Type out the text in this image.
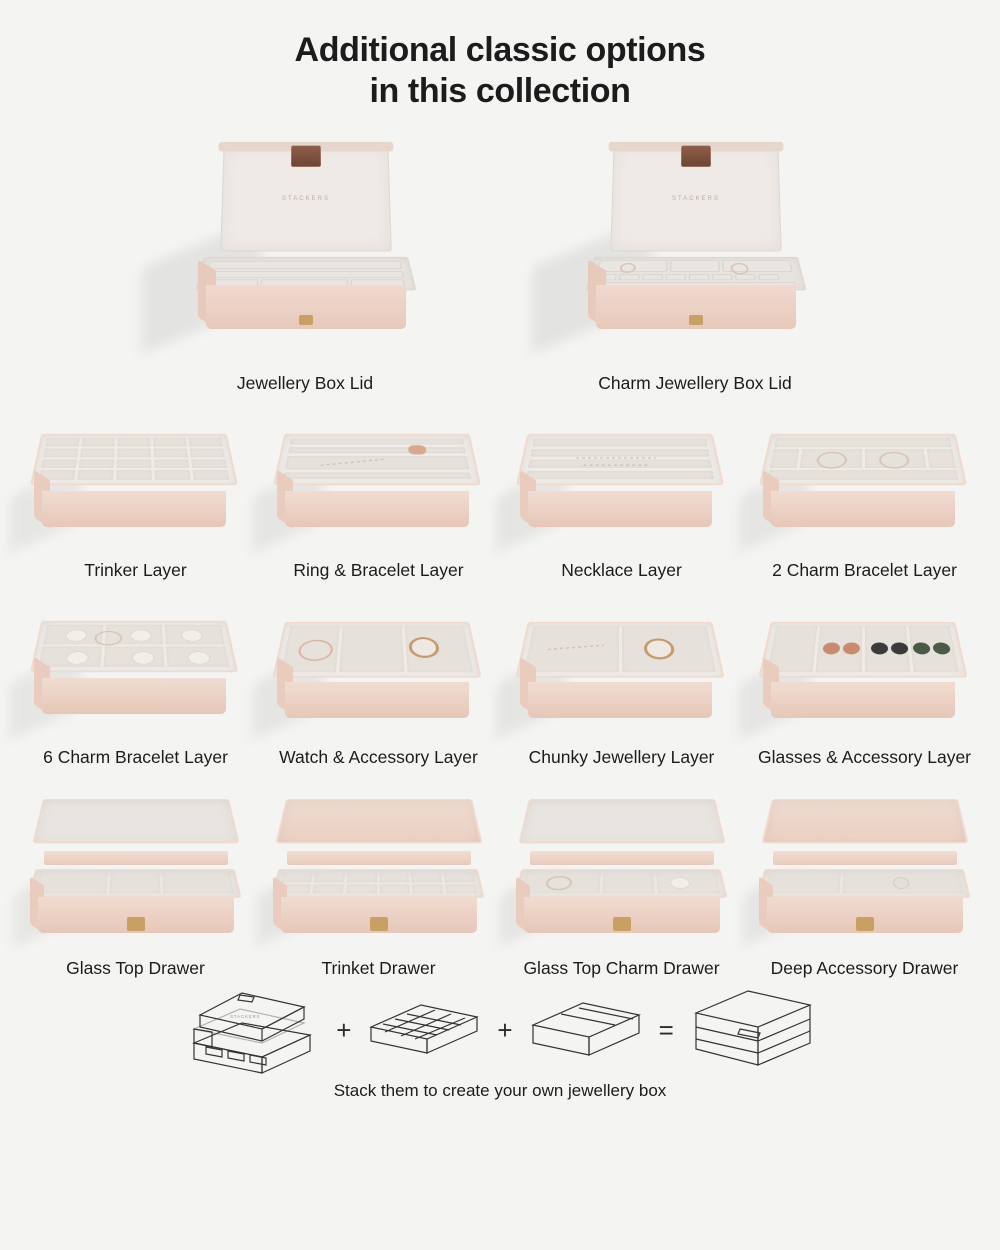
Additional classic options
in this collection
STACKERS
Jewellery Box Lid
STACKERS
Charm Jewellery Box Lid
Trinker Layer	Ring & Bracelet Layer	Necklace Layer	2 Charm Bracelet Layer
6 Charm Bracelet Layer	Watch & Accessory Layer	Chunky Jewellery Layer Glasses & Accessory Layer
Glass Top Drawer	Trinket Drawer	Glass Top Charm Drawer	Deep Accessory Drawer
STACKERS	+	+	=
Stack them to create your own jewellery box
